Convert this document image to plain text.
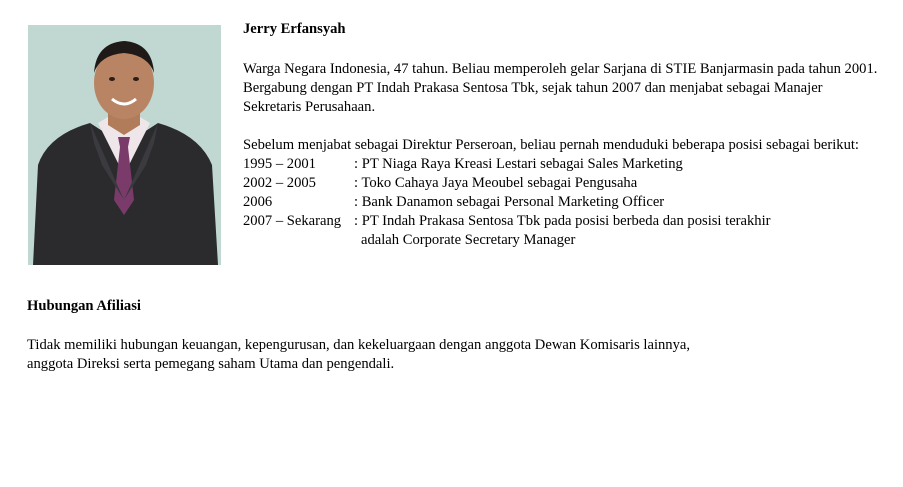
Jerry Erfansyah

Warga Negara Indonesia, 47 tahun. Beliau memperoleh gelar Sarjana di STIE Banjarmasin pada tahun 2001. Bergabung dengan PT Indah Prakasa Sentosa Tbk, sejak tahun 2007 dan menjabat sebagai Manajer Sekretaris Perusahaan.

Sebelum menjabat sebagai Direktur Perseroan, beliau pernah menduduki beberapa posisi sebagai berikut:

1995 – 2001	: PT Niaga Raya Kreasi Lestari sebagai Sales Marketing
2002 – 2005	: Toko Cahaya Jaya Meoubel sebagai Pengusaha
2006	: Bank Danamon sebagai Personal Marketing Officer
2007 – Sekarang : PT Indah Prakasa Sentosa Tbk pada posisi berbeda dan posisi terakhir
adalah Corporate Secretary Manager
Hubungan Afiliasi

Tidak memiliki hubungan keuangan, kepengurusan, dan kekeluargaan dengan anggota Dewan Komisaris lainnya,
anggota Direksi serta pemegang saham Utama dan pengendali.
